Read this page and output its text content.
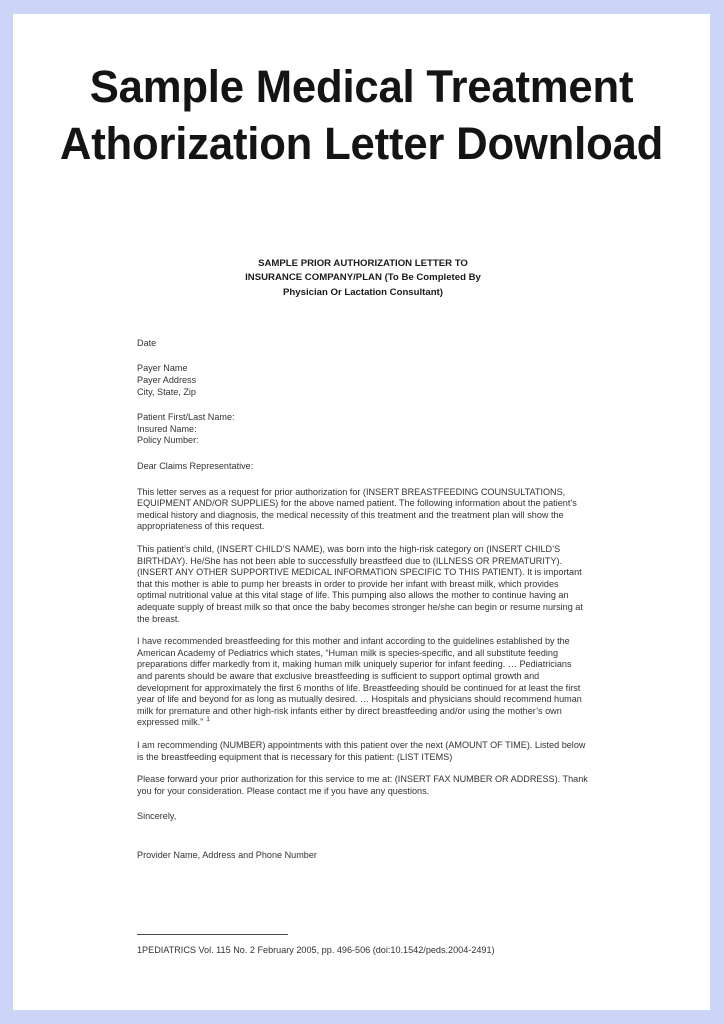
Sample Medical Treatment
Athorization Letter Download
SAMPLE PRIOR AUTHORIZATION LETTER TO
INSURANCE COMPANY/PLAN (To Be Completed By
Physician Or Lactation Consultant)
Date
Payer Name
Payer Address
City, State, Zip
Patient First/Last Name:
Insured Name:
Policy Number:
Dear Claims Representative:

This letter serves as a request for prior authorization for (INSERT BREASTFEEDING COUNSULTATIONS, EQUIPMENT AND/OR SUPPLIES) for the above named patient. The following information about the patient’s medical history and diagnosis, the medical necessity of this treatment and the treatment plan will show the appropriateness of this request.

This patient’s child, (INSERT CHILD’S NAME), was born into the high-risk category on (INSERT CHILD’S BIRTHDAY). He/She has not been able to successfully breastfeed due to (ILLNESS OR PREMATURITY). (INSERT ANY OTHER SUPPORTIVE MEDICAL INFORMATION SPECIFIC TO THIS PATIENT). It is important that this mother is able to pump her breasts in order to provide her infant with breast milk, which provides optimal nutritional value at this vital stage of life. This pumping also allows the mother to continue having an adequate supply of breast milk so that once the baby becomes stronger he/she can begin or resume nursing at the breast.

I have recommended breastfeeding for this mother and infant according to the guidelines established by the American Academy of Pediatrics which states, “Human milk is species-specific, and all substitute feeding preparations differ markedly from it, making human milk uniquely superior for infant feeding. … Pediatricians and parents should be aware that exclusive breastfeeding is sufficient to support optimal growth and development for approximately the first 6 months of life. Breastfeeding should be continued for at least the first year of life and beyond for as long as mutually desired. … Hospitals and physicians should recommend human milk for premature and other high-risk infants either by direct breastfeeding and/or using the mother’s own expressed milk.” $^1$

I am recommending (NUMBER) appointments with this patient over the next (AMOUNT OF TIME). Listed below is the breastfeeding equipment that is necessary for this patient: (LIST ITEMS)

Please forward your prior authorization for this service to me at: (INSERT FAX NUMBER OR ADDRESS). Thank you for your consideration. Please contact me if you have any questions.

Sincerely,
Provider Name, Address and Phone Number
1PEDIATRICS Vol. 115 No. 2 February 2005, pp. 496-506 (doi:10.1542/peds.2004-2491)
